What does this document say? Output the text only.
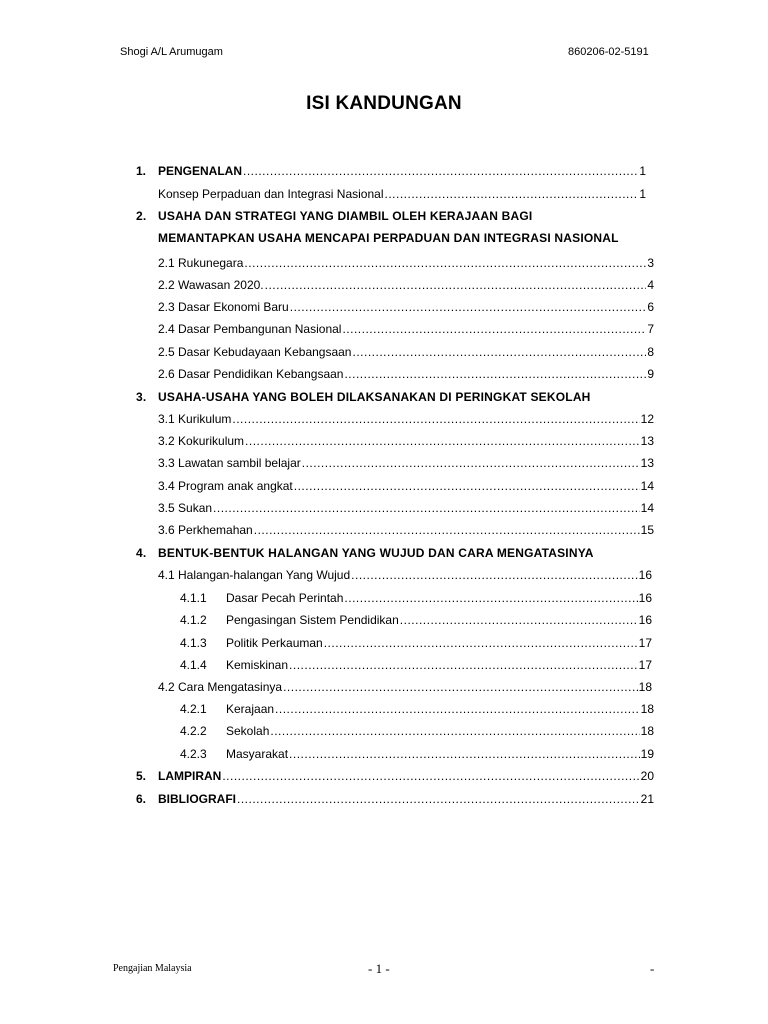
Shogi A/L Arumugam	860206-02-5191
ISI KANDUNGAN
1. PENGENALAN .....	1
Konsep Perpaduan dan Integrasi Nasional .....	1
2. USAHA DAN STRATEGI YANG DIAMBIL OLEH KERAJAAN BAGI
MEMANTAPKAN USAHA MENCAPAI PERPADUAN DAN INTEGRASI NASIONAL
2.1 Rukunegara .....	3
2.2 Wawasan 2020. .....	4
2.3 Dasar Ekonomi Baru .....	6
2.4 Dasar Pembangunan Nasional .....	7
2.5 Dasar Kebudayaan Kebangsaan .....	8
2.6 Dasar Pendidikan Kebangsaan .....	9
3. USAHA-USAHA YANG BOLEH DILAKSANAKAN DI PERINGKAT SEKOLAH
3.1 Kurikulum .....	12
3.2 Kokurikulum .....	13
3.3 Lawatan sambil belajar .....	13
3.4 Program anak angkat .....	14
3.5 Sukan .....	14
3.6 Perkhemahan .....	15
4. BENTUK-BENTUK HALANGAN YANG WUJUD DAN CARA MENGATASINYA
4.1 Halangan-halangan Yang Wujud .....	16
4.1.1	Dasar Pecah Perintah .....	16
4.1.2	Pengasingan Sistem Pendidikan .....	16
4.1.3	Politik Perkauman .....	17
4.1.4	Kemiskinan .....	17
4.2 Cara Mengatasinya .....	18
4.2.1	Kerajaan .....	18
4.2.2	Sekolah .....	18
4.2.3	Masyarakat .....	19
5. LAMPIRAN .....	20
6. BIBLIOGRAFI .....	21
Pengajian Malaysia	- 1 -	-
